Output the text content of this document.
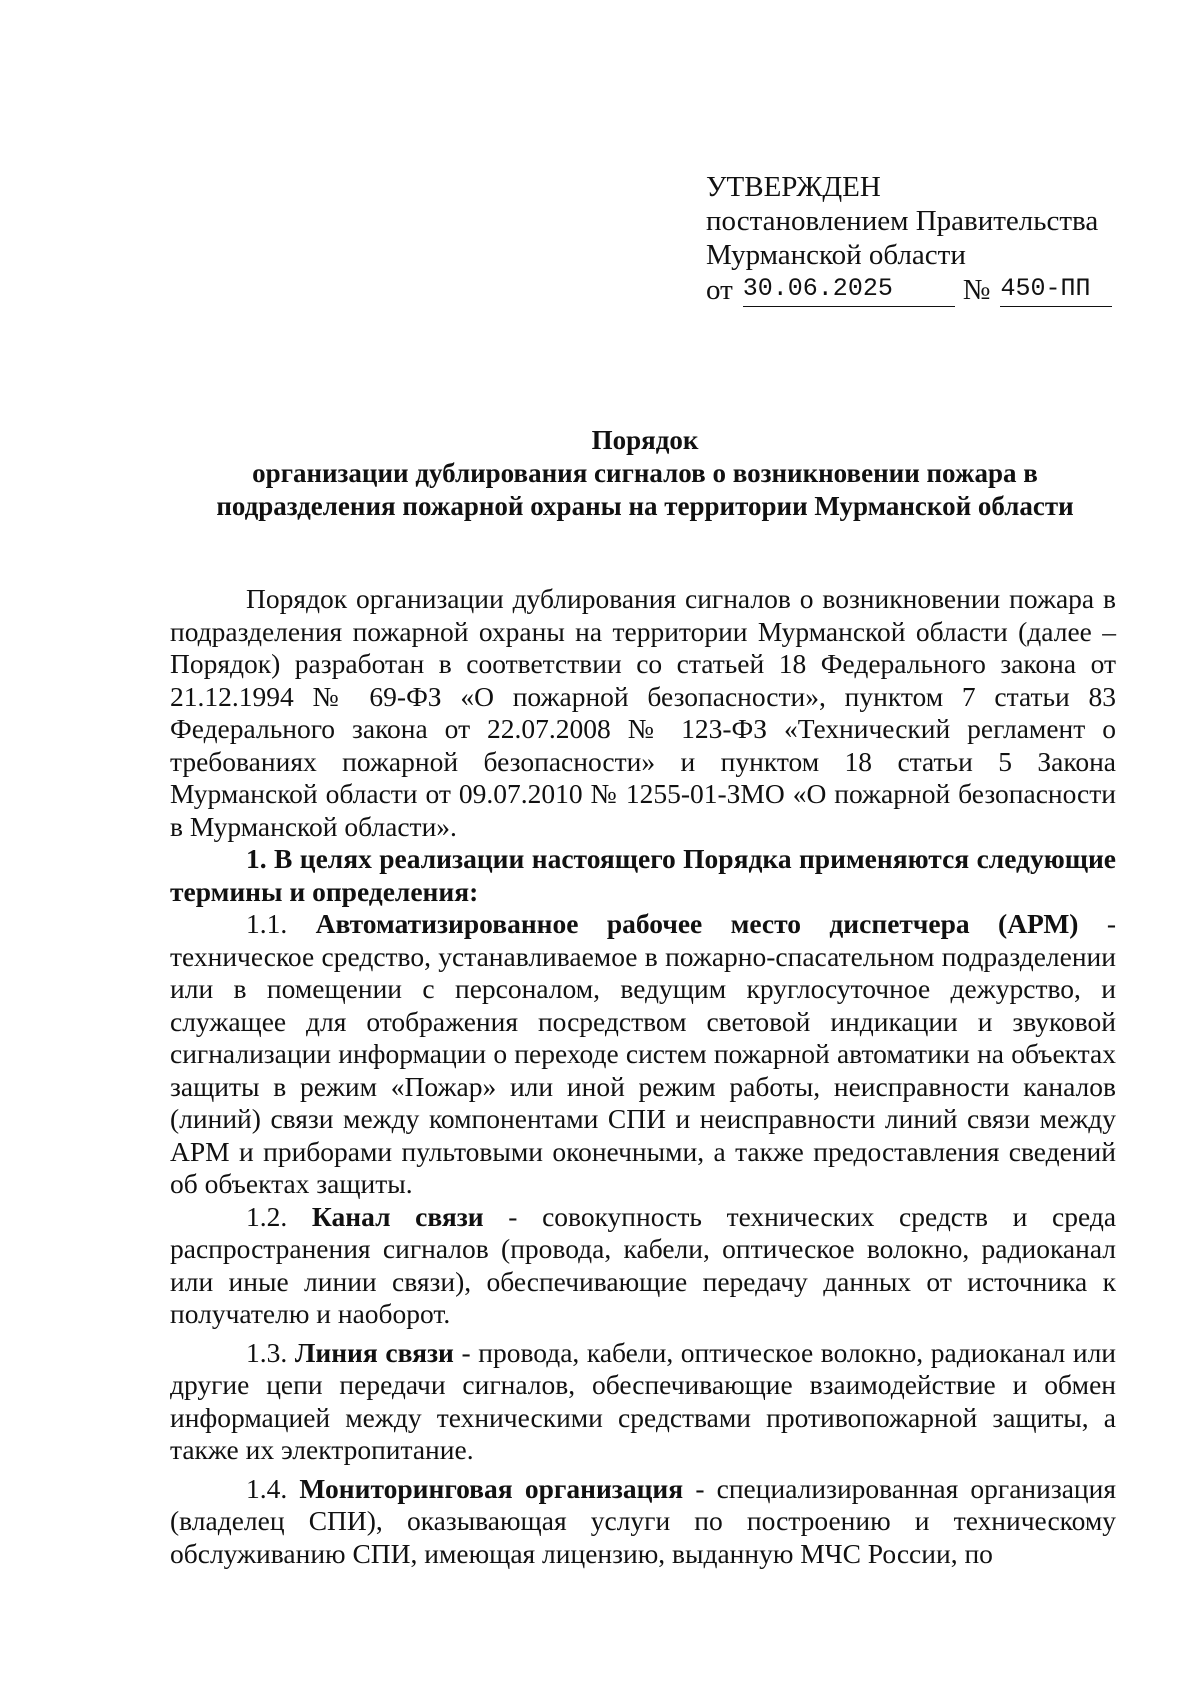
УТВЕРЖДЕН
постановлением Правительства
Мурманской области
от 30.06.2025	№ 450-ПП
Порядок
организации дублирования сигналов о возникновении пожара в
подразделения пожарной охраны на территории Мурманской области

Порядок организации дублирования сигналов о возникновении пожара в подразделения пожарной охраны на территории Мурманской области (далее – Порядок) разработан в соответствии со статьей 18 Федерального закона от 21.12.1994 № 69-ФЗ «О пожарной безопасности», пунктом 7 статьи 83 Федерального закона от 22.07.2008 № 123-ФЗ «Технический регламент о требованиях пожарной безопасности» и пунктом 18 статьи 5 Закона Мурманской области от 09.07.2010 № 1255-01-ЗМО «О пожарной безопасности в Мурманской области».

1. В целях реализации настоящего Порядка применяются следующие термины и определения:

1.1. Автоматизированное рабочее место диспетчера (АРМ) - техническое средство, устанавливаемое в пожарно-спасательном подразделении или в помещении с персоналом, ведущим круглосуточное дежурство, и служащее для отображения посредством световой индикации и звуковой сигнализации информации о переходе систем пожарной автоматики на объектах защиты в режим «Пожар» или иной режим работы, неисправности каналов (линий) связи между компонентами СПИ и неисправности линий связи между АРМ и приборами пультовыми оконечными, а также предоставления сведений об объектах защиты.

1.2. Канал связи - совокупность технических средств и среда распространения сигналов (провода, кабели, оптическое волокно, радиоканал или иные линии связи), обеспечивающие передачу данных от источника к получателю и наоборот.

1.3. Линия связи - провода, кабели, оптическое волокно, радиоканал или другие цепи передачи сигналов, обеспечивающие взаимодействие и обмен информацией между техническими средствами противопожарной защиты, а также их электропитание.

1.4. Мониторинговая организация - специализированная организация (владелец СПИ), оказывающая услуги по построению и техническому обслуживанию СПИ, имеющая лицензию, выданную МЧС России, по
